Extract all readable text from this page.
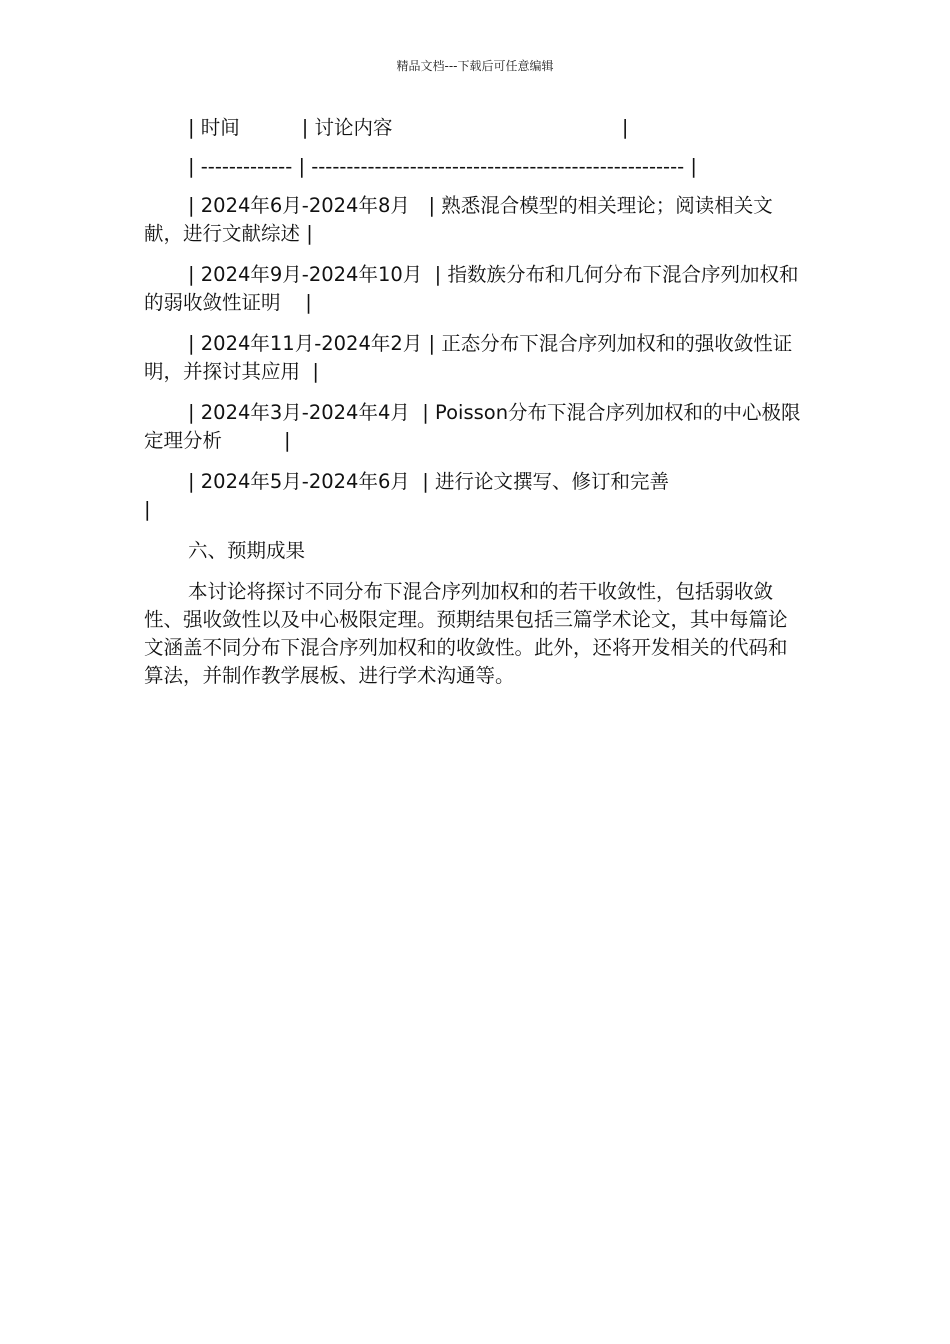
精品文档---下载后可任意编辑

| 时间          | 讨论内容                                     |

| ------------- | ----------------------------------------------------- |

| 2024年6月-2024年8月   | 熟悉混合模型的相关理论；阅读相关文献，进行文献综述 |

| 2024年9月-2024年10月  | 指数族分布和几何分布下混合序列加权和的弱收敛性证明    |

| 2024年11月-2024年2月 | 正态分布下混合序列加权和的强收敛性证明，并探讨其应用  |

| 2024年3月-2024年4月  | Poisson分布下混合序列加权和的中心极限定理分析          |

| 2024年5月-2024年6月  | 进行论文撰写、修订和完善                              |

六、预期成果

本讨论将探讨不同分布下混合序列加权和的若干收敛性，包括弱收敛性、强收敛性以及中心极限定理。预期结果包括三篇学术论文，其中每篇论文涵盖不同分布下混合序列加权和的收敛性。此外，还将开发相关的代码和算法，并制作教学展板、进行学术沟通等。
